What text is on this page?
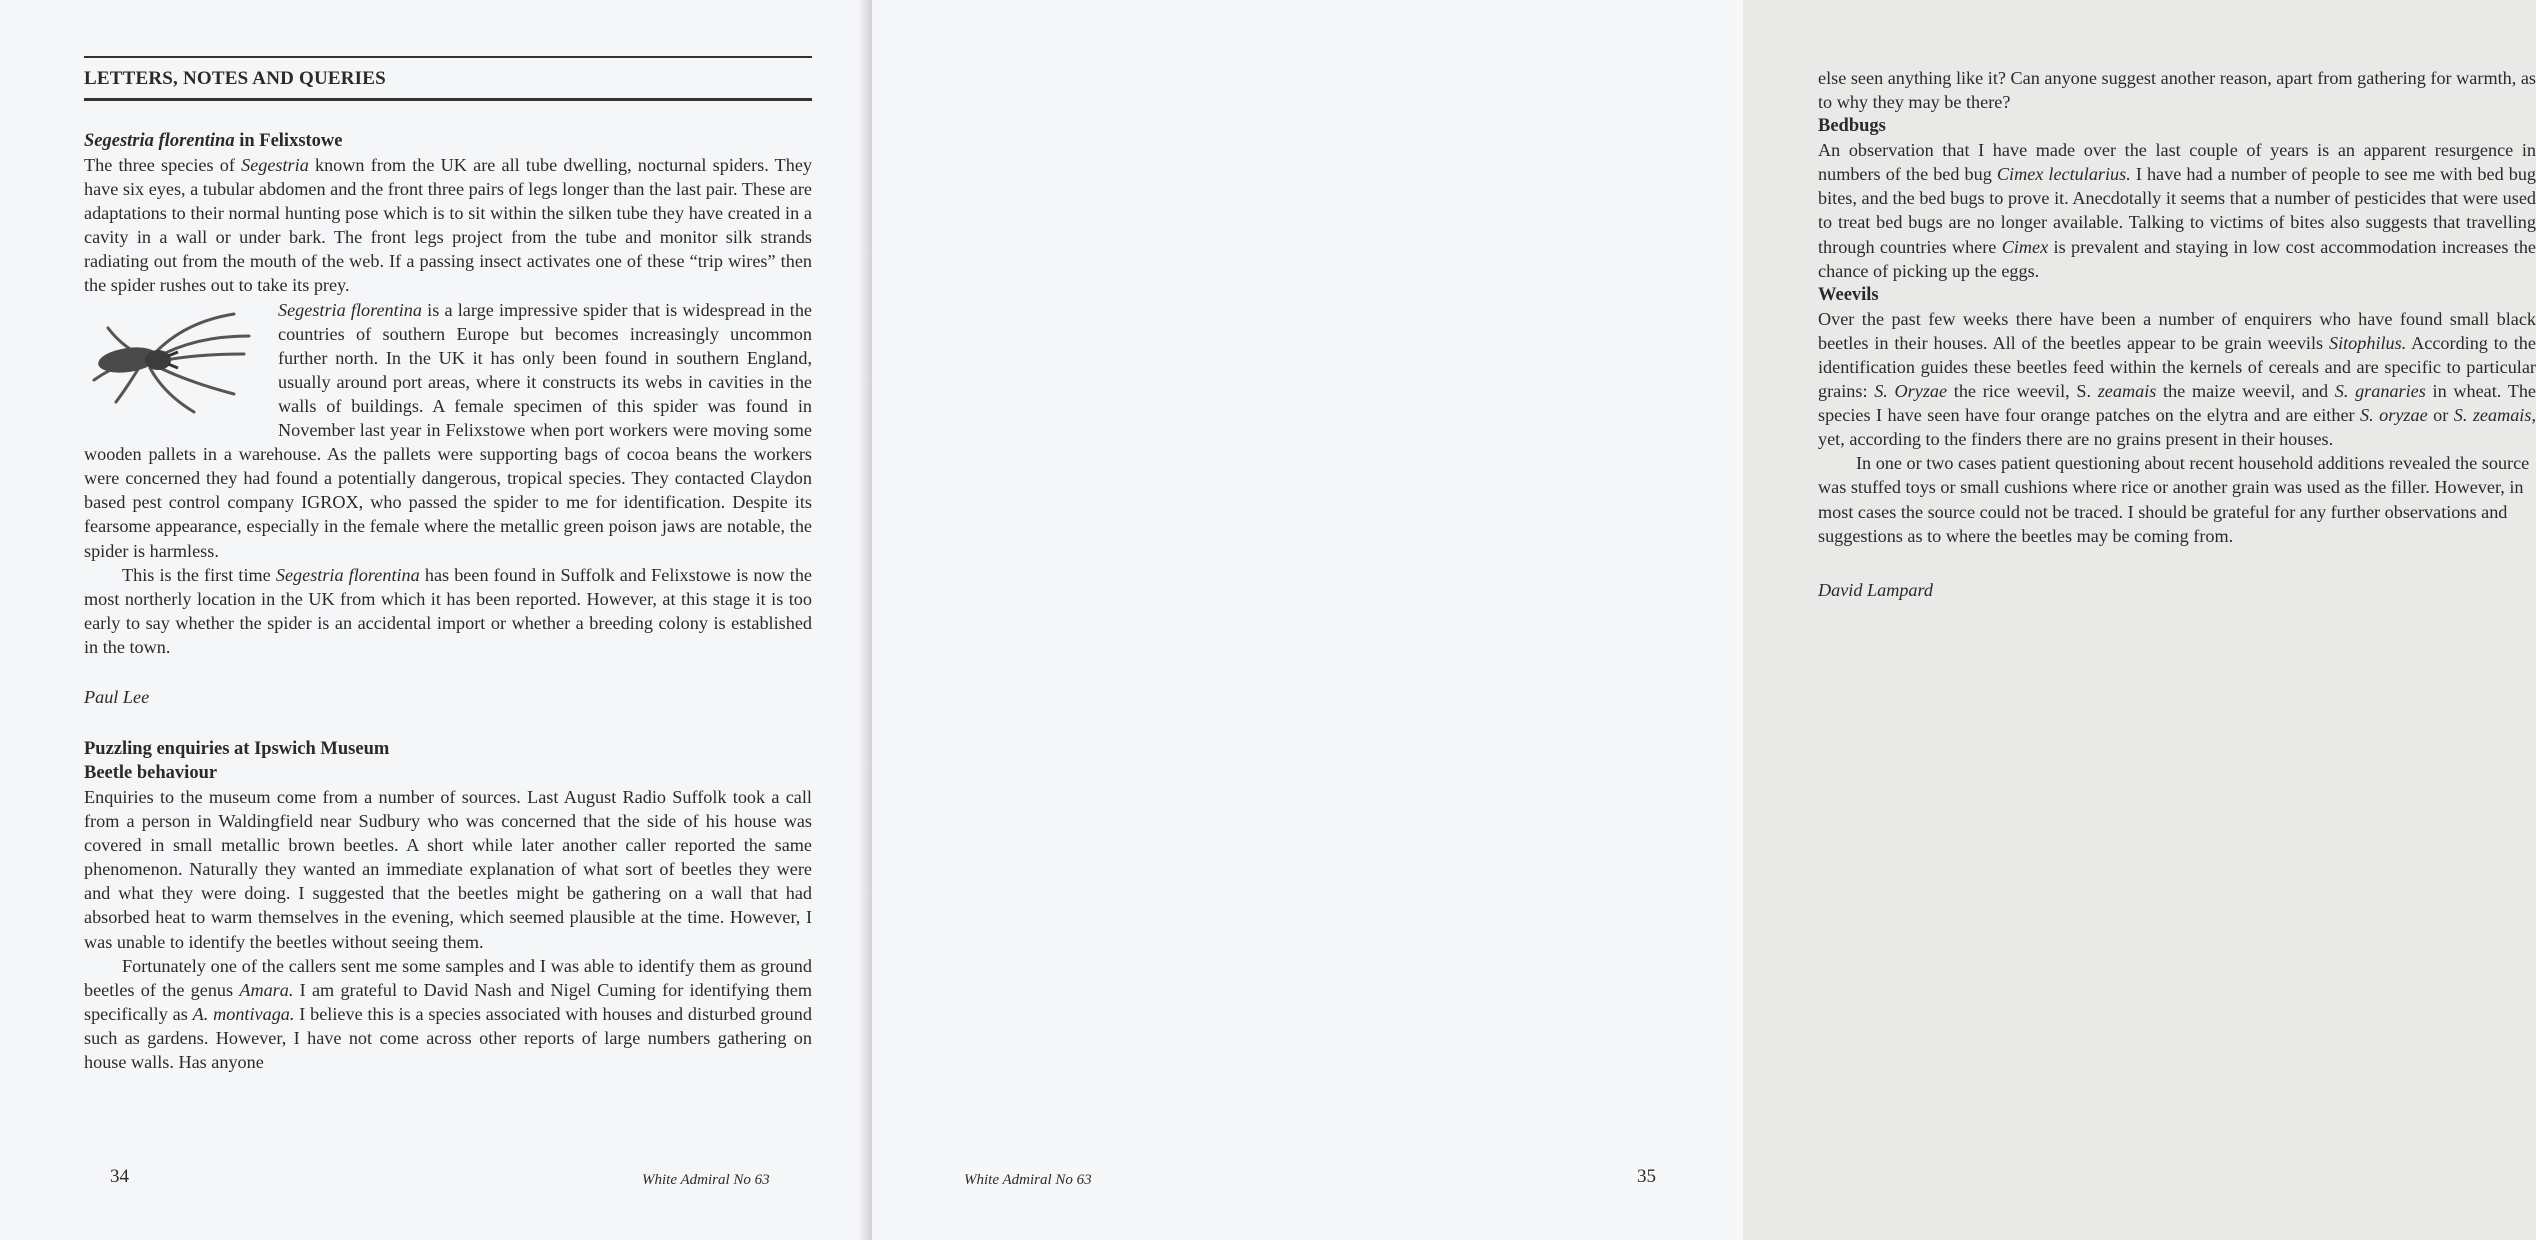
LETTERS, NOTES AND QUERIES
Segestria florentina in Felixstowe

The three species of Segestria known from the UK are all tube dwelling, nocturnal spiders. They have six eyes, a tubular abdomen and the front three pairs of legs longer than the last pair. These are adaptations to their normal hunting pose which is to sit within the silken tube they have created in a cavity in a wall or under bark. The front legs project from the tube and monitor silk strands radiating out from the mouth of the web. If a passing insect activates one of these “trip wires” then the spider rushes out to take its prey.

Segestria florentina is a large impressive spider that is widespread in the countries of southern Europe but becomes increasingly uncommon further north. In the UK it has only been found in southern England, usually around port areas, where it constructs its webs in cavities in the walls of buildings. A female specimen of this spider was found in November last year in Felixstowe when port workers were moving some wooden pallets in a warehouse. As the pallets were supporting bags of cocoa beans the workers were concerned they had found a potentially dangerous, tropical species. They contacted Claydon based pest control company IGROX, who passed the spider to me for identification. Despite its fearsome appearance, especially in the female where the metallic green poison jaws are notable, the spider is harmless.

This is the first time Segestria florentina has been found in Suffolk and Felixstowe is now the most northerly location in the UK from which it has been reported. However, at this stage it is too early to say whether the spider is an accidental import or whether a breeding colony is established in the town.

Paul Lee
Puzzling enquiries at Ipswich Museum
Beetle behaviour

Enquiries to the museum come from a number of sources. Last August Radio Suffolk took a call from a person in Waldingfield near Sudbury who was concerned that the side of his house was covered in small metallic brown beetles. A short while later another caller reported the same phenomenon. Naturally they wanted an immediate explanation of what sort of beetles they were and what they were doing. I suggested that the beetles might be gathering on a wall that had absorbed heat to warm themselves in the evening, which seemed plausible at the time. However, I was unable to identify the beetles without seeing them.

Fortunately one of the callers sent me some samples and I was able to identify them as ground beetles of the genus Amara. I am grateful to David Nash and Nigel Cuming for identifying them specifically as A. montivaga. I believe this is a species associated with houses and disturbed ground such as gardens. However, I have not come across other reports of large numbers gathering on house walls. Has anyone

34	White Admiral No 63

else seen anything like it? Can anyone suggest another reason, apart from gathering for warmth, as to why they may be there?

Bedbugs

An observation that I have made over the last couple of years is an apparent resurgence in numbers of the bed bug Cimex lectularius. I have had a number of people to see me with bed bug bites, and the bed bugs to prove it. Anecdotally it seems that a number of pesticides that were used to treat bed bugs are no longer available. Talking to victims of bites also suggests that travelling through countries where Cimex is prevalent and staying in low cost accommodation increases the chance of picking up the eggs.

Weevils

Over the past few weeks there have been a number of enquirers who have found small black beetles in their houses. All of the beetles appear to be grain weevils Sitophilus. According to the identification guides these beetles feed within the kernels of cereals and are specific to particular grains: S. Oryzae the rice weevil, S. zeamais the maize weevil, and S. granaries in wheat. The species I have seen have four orange patches on the elytra and are either S. oryzae or S. zeamais, yet, according to the finders there are no grains present in their houses.

In one or two cases patient questioning about recent household additions revealed the source was stuffed toys or small cushions where rice or another grain was used as the filler. However, in most cases the source could not be traced. I should be grateful for any further observations and suggestions as to where the beetles may be coming from.

David Lampard
White Admiral No 63	35
